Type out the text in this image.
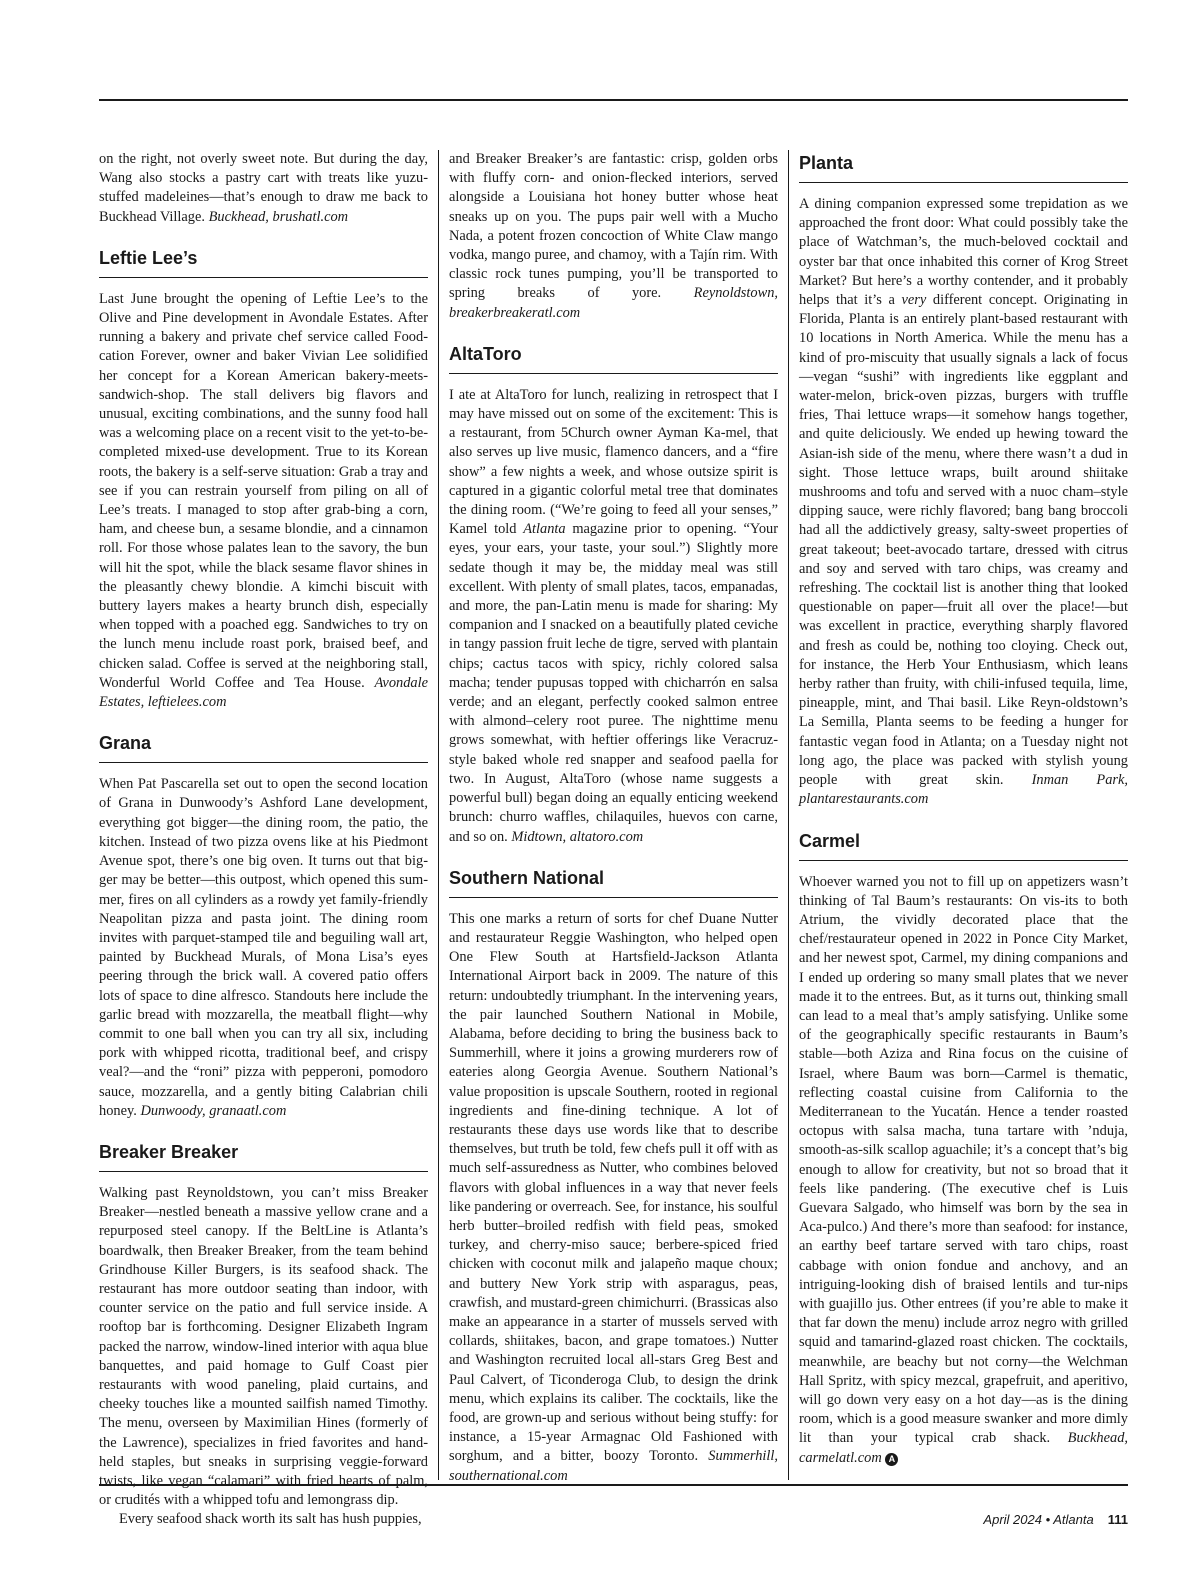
on the right, not overly sweet note. But during the day, Wang also stocks a pastry cart with treats like yuzu-stuffed madeleines—that’s enough to draw me back to Buckhead Village. Buckhead, brushatl.com

Leftie Lee’s

Last June brought the opening of Leftie Lee’s to the Olive and Pine development in Avondale Estates. After running a bakery and private chef service called Food-cation Forever, owner and baker Vivian Lee solidified her concept for a Korean American bakery-meets-sandwich-shop. The stall delivers big flavors and unusual, exciting combinations, and the sunny food hall was a welcoming place on a recent visit to the yet-to-be-completed mixed-use development. True to its Korean roots, the bakery is a self-serve situation: Grab a tray and see if you can restrain yourself from piling on all of Lee’s treats. I managed to stop after grab-bing a corn, ham, and cheese bun, a sesame blondie, and a cinnamon roll. For those whose palates lean to the savory, the bun will hit the spot, while the black sesame flavor shines in the pleasantly chewy blondie. A kimchi biscuit with buttery layers makes a hearty brunch dish, especially when topped with a poached egg. Sandwiches to try on the lunch menu include roast pork, braised beef, and chicken salad. Coffee is served at the neighboring stall, Wonderful World Coffee and Tea House. Avondale Estates, leftielees.com

Grana

When Pat Pascarella set out to open the second location of Grana in Dunwoody’s Ashford Lane development, everything got bigger—the dining room, the patio, the kitchen. Instead of two pizza ovens like at his Piedmont Avenue spot, there’s one big oven. It turns out that big-ger may be better—this outpost, which opened this sum-mer, fires on all cylinders as a rowdy yet family-friendly Neapolitan pizza and pasta joint. The dining room invites with parquet-stamped tile and beguiling wall art, painted by Buckhead Murals, of Mona Lisa’s eyes peering through the brick wall. A covered patio offers lots of space to dine alfresco. Standouts here include the garlic bread with mozzarella, the meatball flight—why commit to one ball when you can try all six, including pork with whipped ricotta, traditional beef, and crispy veal?—and the “roni” pizza with pepperoni, pomodoro sauce, mozzarella, and a gently biting Calabrian chili honey. Dunwoody, granaatl.com

Breaker Breaker

Walking past Reynoldstown, you can’t miss Breaker Breaker—nestled beneath a massive yellow crane and a repurposed steel canopy. If the BeltLine is Atlanta’s boardwalk, then Breaker Breaker, from the team behind Grindhouse Killer Burgers, is its seafood shack. The restaurant has more outdoor seating than indoor, with counter service on the patio and full service inside. A rooftop bar is forthcoming. Designer Elizabeth Ingram packed the narrow, window-lined interior with aqua blue banquettes, and paid homage to Gulf Coast pier restaurants with wood paneling, plaid curtains, and cheeky touches like a mounted sailfish named Timothy. The menu, overseen by Maximilian Hines (formerly of the Lawrence), specializes in fried favorites and hand-held staples, but sneaks in surprising veggie-forward twists, like vegan “calamari” with fried hearts of palm, or crudités with a whipped tofu and lemongrass dip.

Every seafood shack worth its salt has hush puppies,

and Breaker Breaker’s are fantastic: crisp, golden orbs with fluffy corn- and onion-flecked interiors, served alongside a Louisiana hot honey butter whose heat sneaks up on you. The pups pair well with a Mucho Nada, a potent frozen concoction of White Claw mango vodka, mango puree, and chamoy, with a Tajín rim. With classic rock tunes pumping, you’ll be transported to spring breaks of yore. Reynoldstown, breakerbreakeratl.com

AltaToro

I ate at AltaToro for lunch, realizing in retrospect that I may have missed out on some of the excitement: This is a restaurant, from 5Church owner Ayman Ka-mel, that also serves up live music, flamenco dancers, and a “fire show” a few nights a week, and whose outsize spirit is captured in a gigantic colorful metal tree that dominates the dining room. (“We’re going to feed all your senses,” Kamel told Atlanta magazine prior to opening. “Your eyes, your ears, your taste, your soul.”) Slightly more sedate though it may be, the midday meal was still excellent. With plenty of small plates, tacos, empanadas, and more, the pan-Latin menu is made for sharing: My companion and I snacked on a beautifully plated ceviche in tangy passion fruit leche de tigre, served with plantain chips; cactus tacos with spicy, richly colored salsa macha; tender pupusas topped with chicharrón en salsa verde; and an elegant, perfectly cooked salmon entree with almond–celery root puree. The nighttime menu grows somewhat, with heftier offerings like Veracruz-style baked whole red snapper and seafood paella for two. In August, AltaToro (whose name suggests a powerful bull) began doing an equally enticing weekend brunch: churro waffles, chilaquiles, huevos con carne, and so on. Midtown, altatoro.com

Southern National

This one marks a return of sorts for chef Duane Nutter and restaurateur Reggie Washington, who helped open One Flew South at Hartsfield-Jackson Atlanta International Airport back in 2009. The nature of this return: undoubtedly triumphant. In the intervening years, the pair launched Southern National in Mobile, Alabama, before deciding to bring the business back to Summerhill, where it joins a growing murderers row of eateries along Georgia Avenue. Southern National’s value proposition is upscale Southern, rooted in regional ingredients and fine-dining technique. A lot of restaurants these days use words like that to describe themselves, but truth be told, few chefs pull it off with as much self-assuredness as Nutter, who combines beloved flavors with global influences in a way that never feels like pandering or overreach. See, for instance, his soulful herb butter–broiled redfish with field peas, smoked turkey, and cherry-miso sauce; berbere-spiced fried chicken with coconut milk and jalapeño maque choux; and buttery New York strip with asparagus, peas, crawfish, and mustard-green chimichurri. (Brassicas also make an appearance in a starter of mussels served with collards, shiitakes, bacon, and grape tomatoes.) Nutter and Washington recruited local all-stars Greg Best and Paul Calvert, of Ticonderoga Club, to design the drink menu, which explains its caliber. The cocktails, like the food, are grown-up and serious without being stuffy: for instance, a 15-year Armagnac Old Fashioned with sorghum, and a bitter, boozy Toronto. Summerhill, southernational.com

Planta

A dining companion expressed some trepidation as we approached the front door: What could possibly take the place of Watchman’s, the much-beloved cocktail and oyster bar that once inhabited this corner of Krog Street Market? But here’s a worthy contender, and it probably helps that it’s a very different concept. Originating in Florida, Planta is an entirely plant-based restaurant with 10 locations in North America. While the menu has a kind of pro-miscuity that usually signals a lack of focus—vegan “sushi” with ingredients like eggplant and water-melon, brick-oven pizzas, burgers with truffle fries, Thai lettuce wraps—it somehow hangs together, and quite deliciously. We ended up hewing toward the Asian-ish side of the menu, where there wasn’t a dud in sight. Those lettuce wraps, built around shiitake mushrooms and tofu and served with a nuoc cham–style dipping sauce, were richly flavored; bang bang broccoli had all the addictively greasy, salty-sweet properties of great takeout; beet-avocado tartare, dressed with citrus and soy and served with taro chips, was creamy and refreshing. The cocktail list is another thing that looked questionable on paper—fruit all over the place!—but was excellent in practice, everything sharply flavored and fresh as could be, nothing too cloying. Check out, for instance, the Herb Your Enthusiasm, which leans herby rather than fruity, with chili-infused tequila, lime, pineapple, mint, and Thai basil. Like Reyn-oldstown’s La Semilla, Planta seems to be feeding a hunger for fantastic vegan food in Atlanta; on a Tuesday night not long ago, the place was packed with stylish young people with great skin. Inman Park, plantarestaurants.com

Carmel

Whoever warned you not to fill up on appetizers wasn’t thinking of Tal Baum’s restaurants: On vis-its to both Atrium, the vividly decorated place that the chef/restaurateur opened in 2022 in Ponce City Market, and her newest spot, Carmel, my dining companions and I ended up ordering so many small plates that we never made it to the entrees. But, as it turns out, thinking small can lead to a meal that’s amply satisfying. Unlike some of the geographically specific restaurants in Baum’s stable—both Aziza and Rina focus on the cuisine of Israel, where Baum was born—Carmel is thematic, reflecting coastal cuisine from California to the Mediterranean to the Yucatán. Hence a tender roasted octopus with salsa macha, tuna tartare with ’nduja, smooth-as-silk scallop aguachile; it’s a concept that’s big enough to allow for creativity, but not so broad that it feels like pandering. (The executive chef is Luis Guevara Salgado, who himself was born by the sea in Aca-pulco.) And there’s more than seafood: for instance, an earthy beef tartare served with taro chips, roast cabbage with onion fondue and anchovy, and an intriguing-looking dish of braised lentils and tur-nips with guajillo jus. Other entrees (if you’re able to make it that far down the menu) include arroz negro with grilled squid and tamarind-glazed roast chicken. The cocktails, meanwhile, are beachy but not corny—the Welchman Hall Spritz, with spicy mezcal, grapefruit, and aperitivo, will go down very easy on a hot day—as is the dining room, which is a good measure swanker and more dimly lit than your typical crab shack. Buckhead, carmelatl.com A

April 2024 • Atlanta 111
